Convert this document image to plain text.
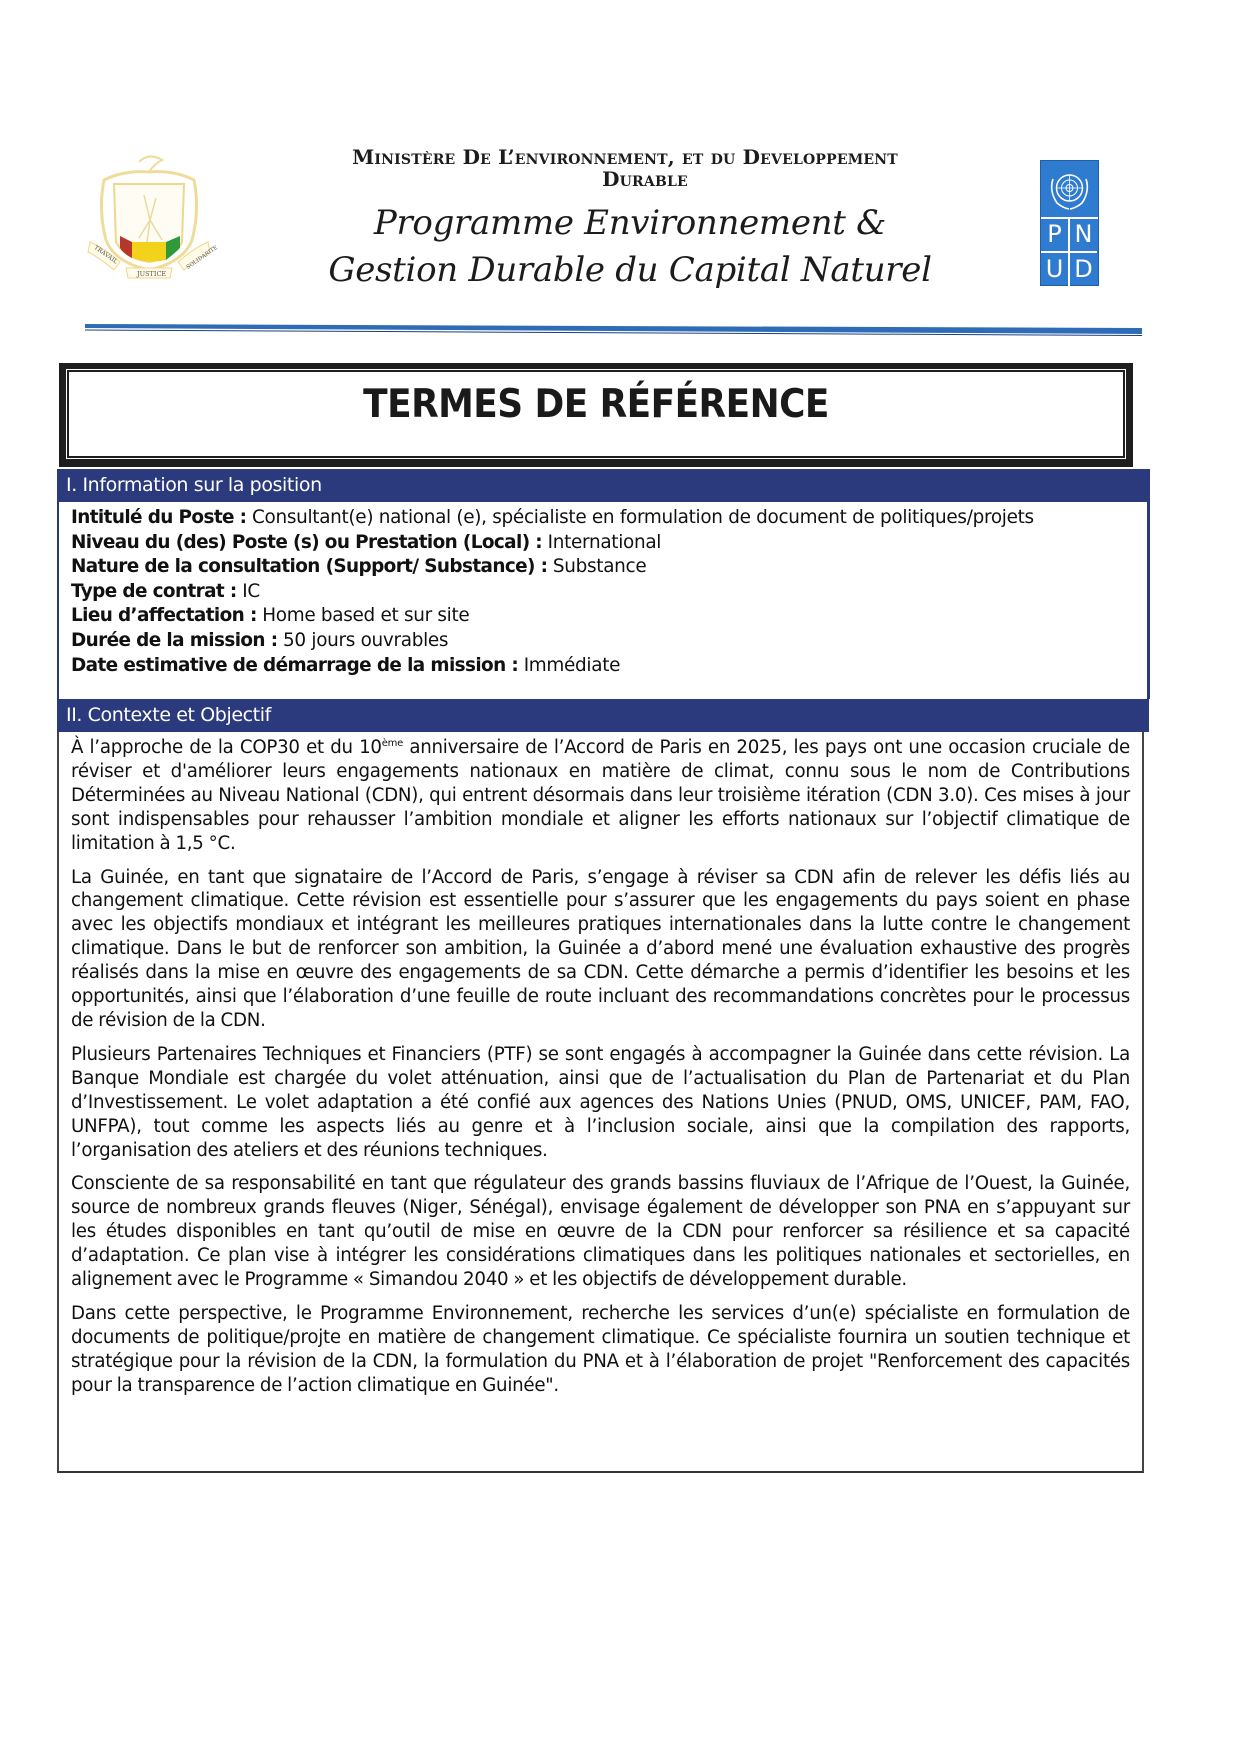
TRAVAIL
JUSTICE
SOLIDARITE
Ministère De L’environnement, et du Developpement
Durable
Programme Environnement &
Gestion Durable du Capital Naturel
P N
U D
TERMES DE RÉFÉRENCE
I. Information sur la position
Intitulé du Poste : Consultant(e) national (e), spécialiste en formulation de document de politiques/projets
Niveau du (des) Poste (s) ou Prestation (Local) : International
Nature de la consultation (Support/ Substance) : Substance
Type de contrat : IC
Lieu d’affectation : Home based et sur site
Durée de la mission : 50 jours ouvrables
Date estimative de démarrage de la mission : Immédiate
II. Contexte et Objectif

À l’approche de la COP30 et du 10ème anniversaire de l’Accord de Paris en 2025, les pays ont une occasion cruciale de réviser et d'améliorer leurs engagements nationaux en matière de climat, connu sous le nom de Contributions Déterminées au Niveau National (CDN), qui entrent désormais dans leur troisième itération (CDN 3.0). Ces mises à jour sont indispensables pour rehausser l’ambition mondiale et aligner les efforts nationaux sur l’objectif climatique de limitation à 1,5 °C.

La Guinée, en tant que signataire de l’Accord de Paris, s’engage à réviser sa CDN afin de relever les défis liés au changement climatique. Cette révision est essentielle pour s’assurer que les engagements du pays soient en phase avec les objectifs mondiaux et intégrant les meilleures pratiques internationales dans la lutte contre le changement climatique. Dans le but de renforcer son ambition, la Guinée a d’abord mené une évaluation exhaustive des progrès réalisés dans la mise en œuvre des engagements de sa CDN. Cette démarche a permis d’identifier les besoins et les opportunités, ainsi que l’élaboration d’une feuille de route incluant des recommandations concrètes pour le processus de révision de la CDN.

Plusieurs Partenaires Techniques et Financiers (PTF) se sont engagés à accompagner la Guinée dans cette révision. La Banque Mondiale est chargée du volet atténuation, ainsi que de l’actualisation du Plan de Partenariat et du Plan d’Investissement. Le volet adaptation a été confié aux agences des Nations Unies (PNUD, OMS, UNICEF, PAM, FAO, UNFPA), tout comme les aspects liés au genre et à l’inclusion sociale, ainsi que la compilation des rapports, l’organisation des ateliers et des réunions techniques.

Consciente de sa responsabilité en tant que régulateur des grands bassins fluviaux de l’Afrique de l’Ouest, la Guinée, source de nombreux grands fleuves (Niger, Sénégal), envisage également de développer son PNA en s’appuyant sur les études disponibles en tant qu’outil de mise en œuvre de la CDN pour renforcer sa résilience et sa capacité d’adaptation. Ce plan vise à intégrer les considérations climatiques dans les politiques nationales et sectorielles, en alignement avec le Programme « Simandou 2040 » et les objectifs de développement durable.

Dans cette perspective, le Programme Environnement, recherche les services d’un(e) spécialiste en formulation de documents de politique/projte en matière de changement climatique. Ce spécialiste fournira un soutien technique et stratégique pour la révision de la CDN, la formulation du PNA et à l’élaboration de projet "Renforcement des capacités pour la transparence de l’action climatique en Guinée".
